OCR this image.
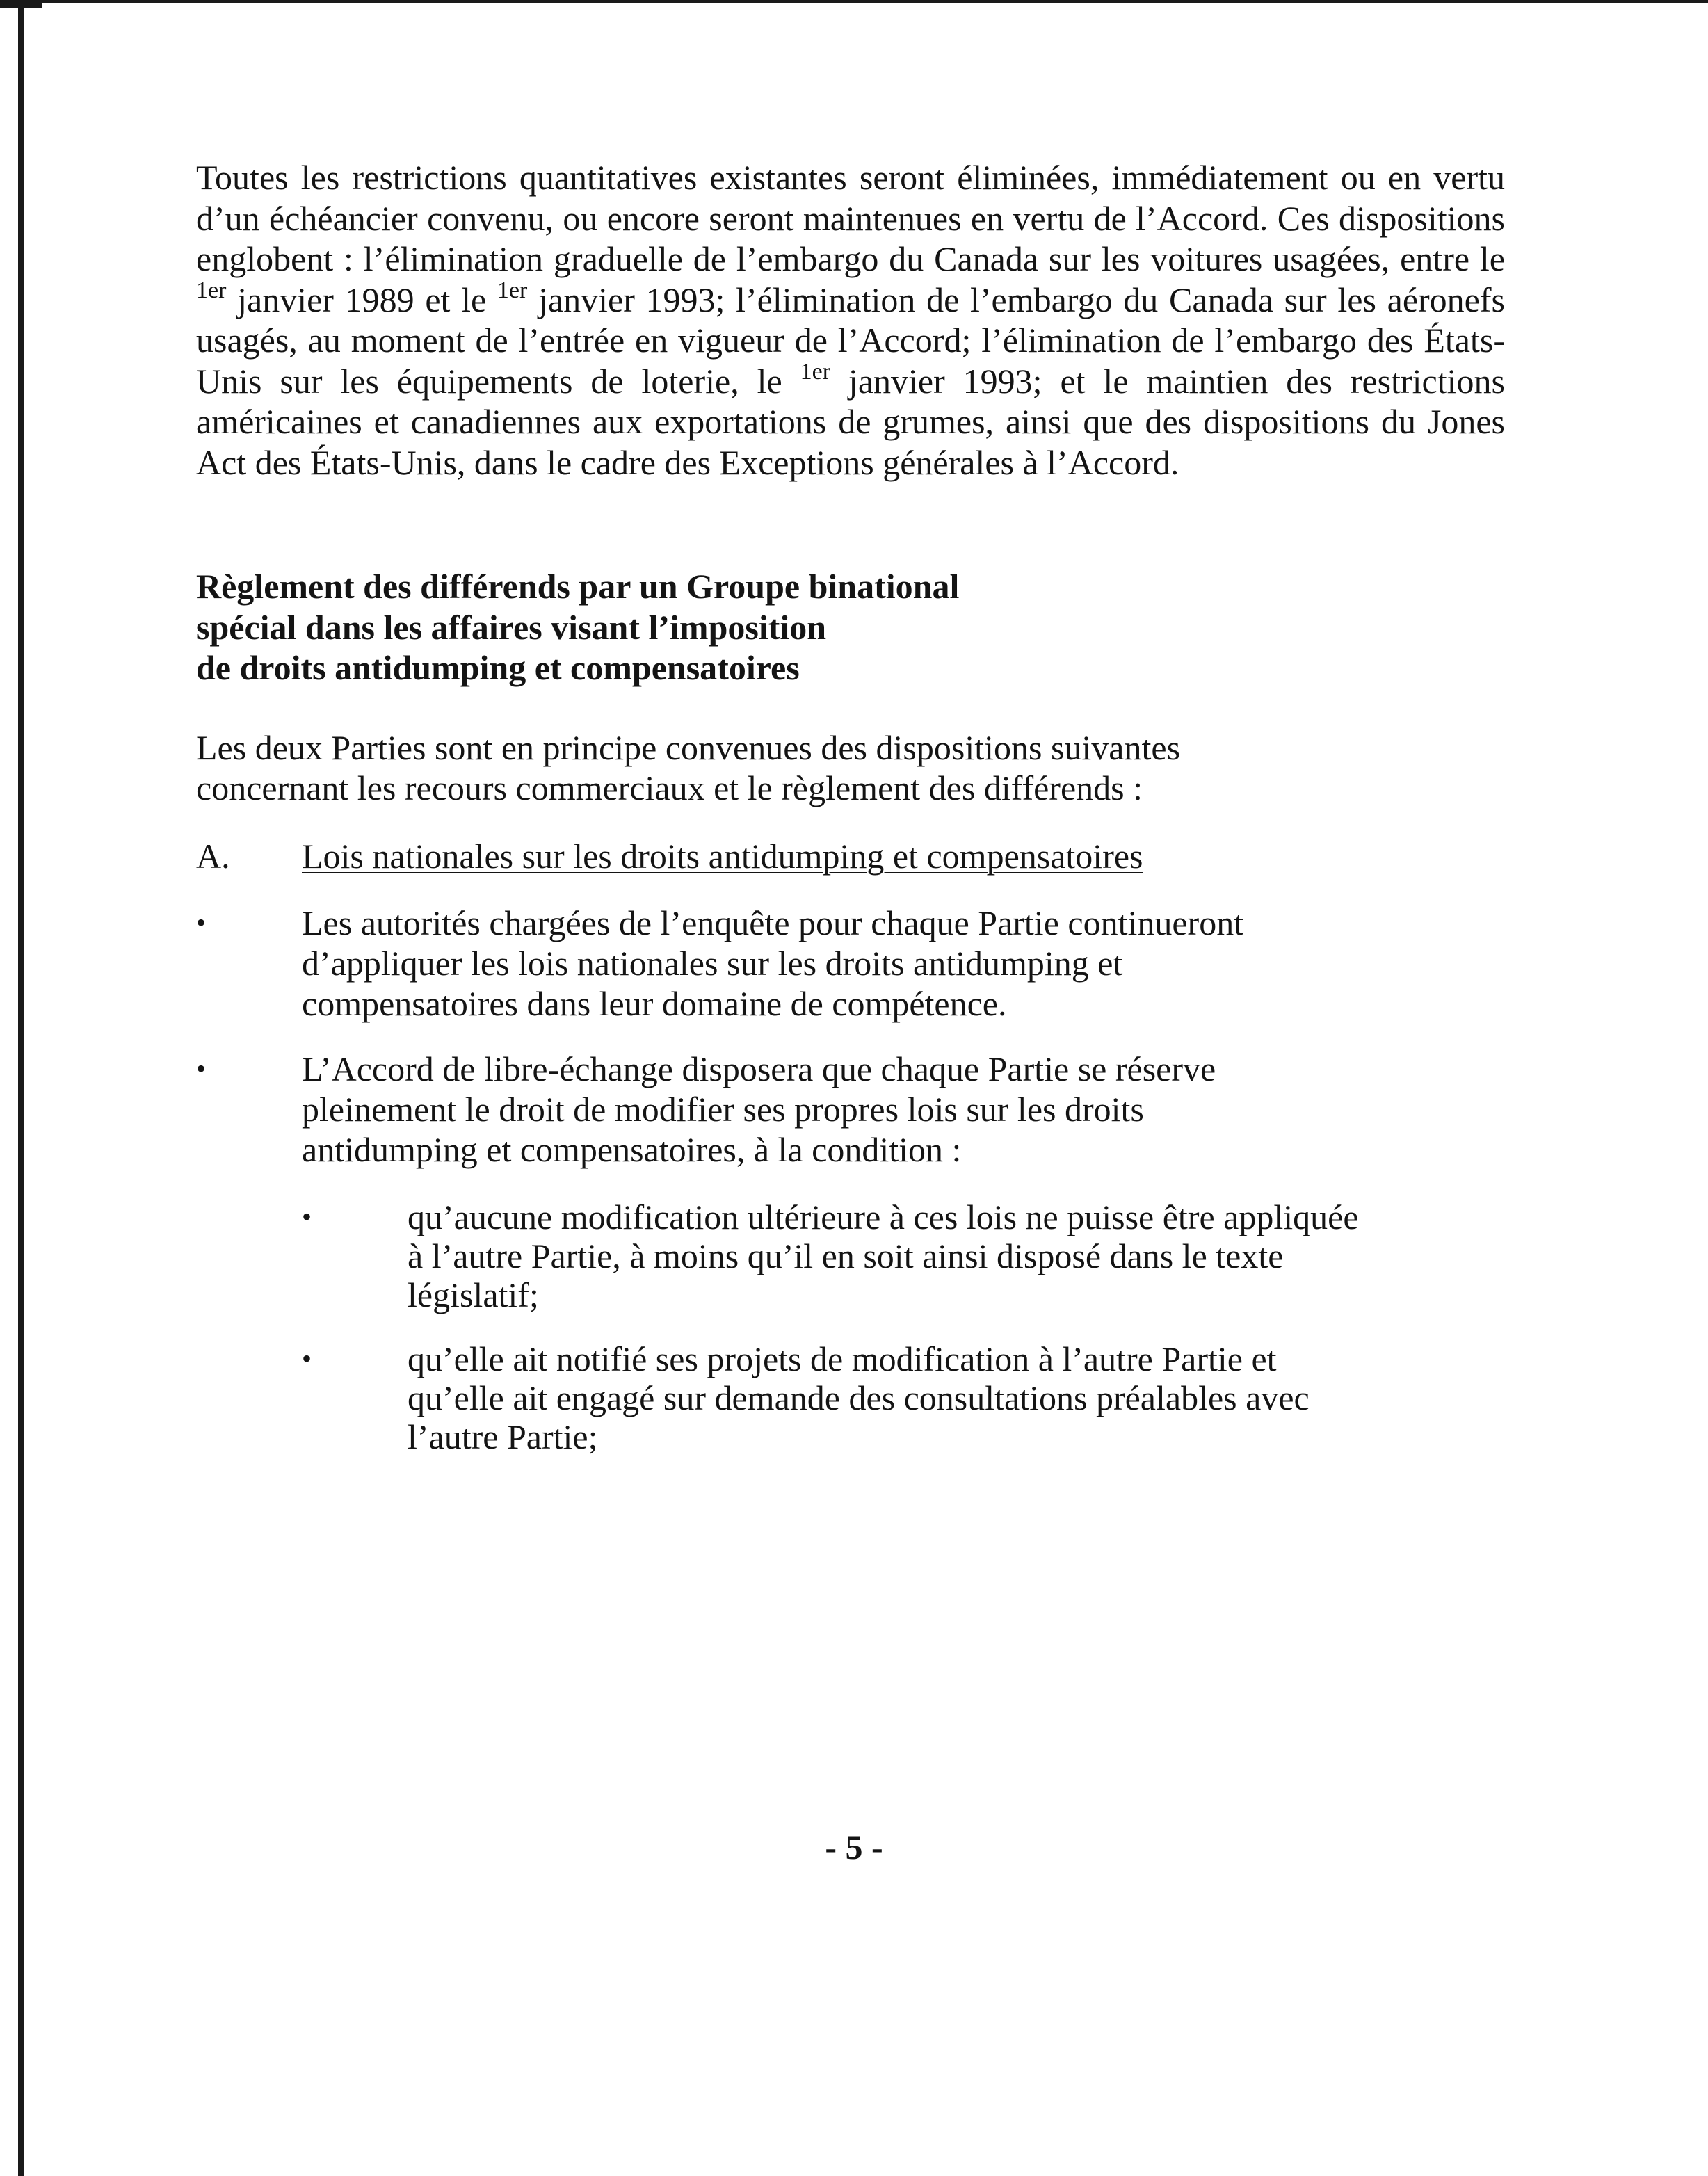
Toutes les restrictions quantitatives existantes seront éliminées, immédiatement ou en vertu d’un échéancier convenu, ou encore seront maintenues en vertu de l’Accord. Ces dispositions englobent : l’élimination graduelle de l’embargo du Canada sur les voitures usagées, entre le $^{1er}$ janvier 1989 et le $^{1er}$ janvier 1993; l’élimination de l’embargo du Canada sur les aéronefs usagés, au moment de l’entrée en vigueur de l’Accord; l’élimination de l’embargo des États-Unis sur les équipements de loterie, le $^{1er}$ janvier 1993; et le maintien des restrictions américaines et canadiennes aux exportations de grumes, ainsi que des dispositions du Jones Act des États-Unis, dans le cadre des Exceptions générales à l’Accord.

Règlement des différends par un Groupe binational
spécial dans les affaires visant l’imposition
de droits antidumping et compensatoires
Les deux Parties sont en principe convenues des dispositions suivantes
concernant les recours commerciaux et le règlement des différends :
A.	Lois nationales sur les droits antidumping et compensatoires
•	Les autorités chargées de l’enquête pour chaque Partie continueront
d’appliquer les lois nationales sur les droits antidumping et
compensatoires dans leur domaine de compétence.
•	L’Accord de libre-échange disposera que chaque Partie se réserve
pleinement le droit de modifier ses propres lois sur les droits
antidumping et compensatoires, à la condition :
•	qu’aucune modification ultérieure à ces lois ne puisse être appliquée
à l’autre Partie, à moins qu’il en soit ainsi disposé dans le texte
législatif;
•	qu’elle ait notifié ses projets de modification à l’autre Partie et
qu’elle ait engagé sur demande des consultations préalables avec
l’autre Partie;
- 5 -
